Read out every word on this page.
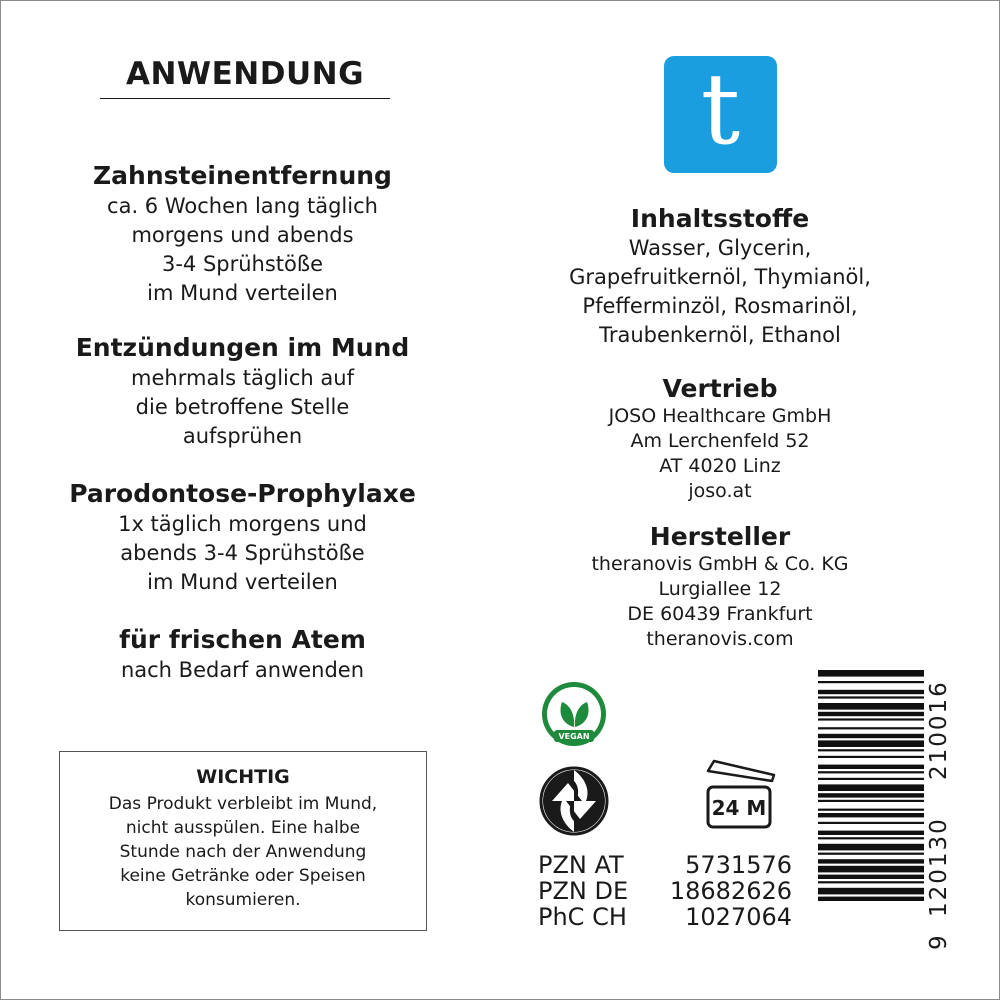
ANWENDUNG
Zahnsteinentfernung
ca. 6 Wochen lang täglich
morgens und abends
3-4 Sprühstöße
im Mund verteilen
Entzündungen im Mund
mehrmals täglich auf
die betroffene Stelle
aufsprühen
Parodontose-Prophylaxe
1x täglich morgens und
abends 3-4 Sprühstöße
im Mund verteilen
für frischen Atem
nach Bedarf anwenden
WICHTIG
Das Produkt verbleibt im Mund,
nicht ausspülen. Eine halbe
Stunde nach der Anwendung
keine Getränke oder Speisen
konsumieren.
t
Inhaltsstoffe
Wasser, Glycerin,
Grapefruitkernöl, Thymianöl,
Pfefferminzöl, Rosmarinöl,
Traubenkernöl, Ethanol
Vertrieb
JOSO Healthcare GmbH
Am Lerchenfeld 52
AT 4020 Linz
joso.at
Hersteller
theranovis GmbH & Co. KG
Lurgiallee 12
DE 60439 Frankfurt
theranovis.com
VEGAN
24 M
PZN AT	5731576
PZN DE 18682626
PhC CH 1027064
9
120130
210016
